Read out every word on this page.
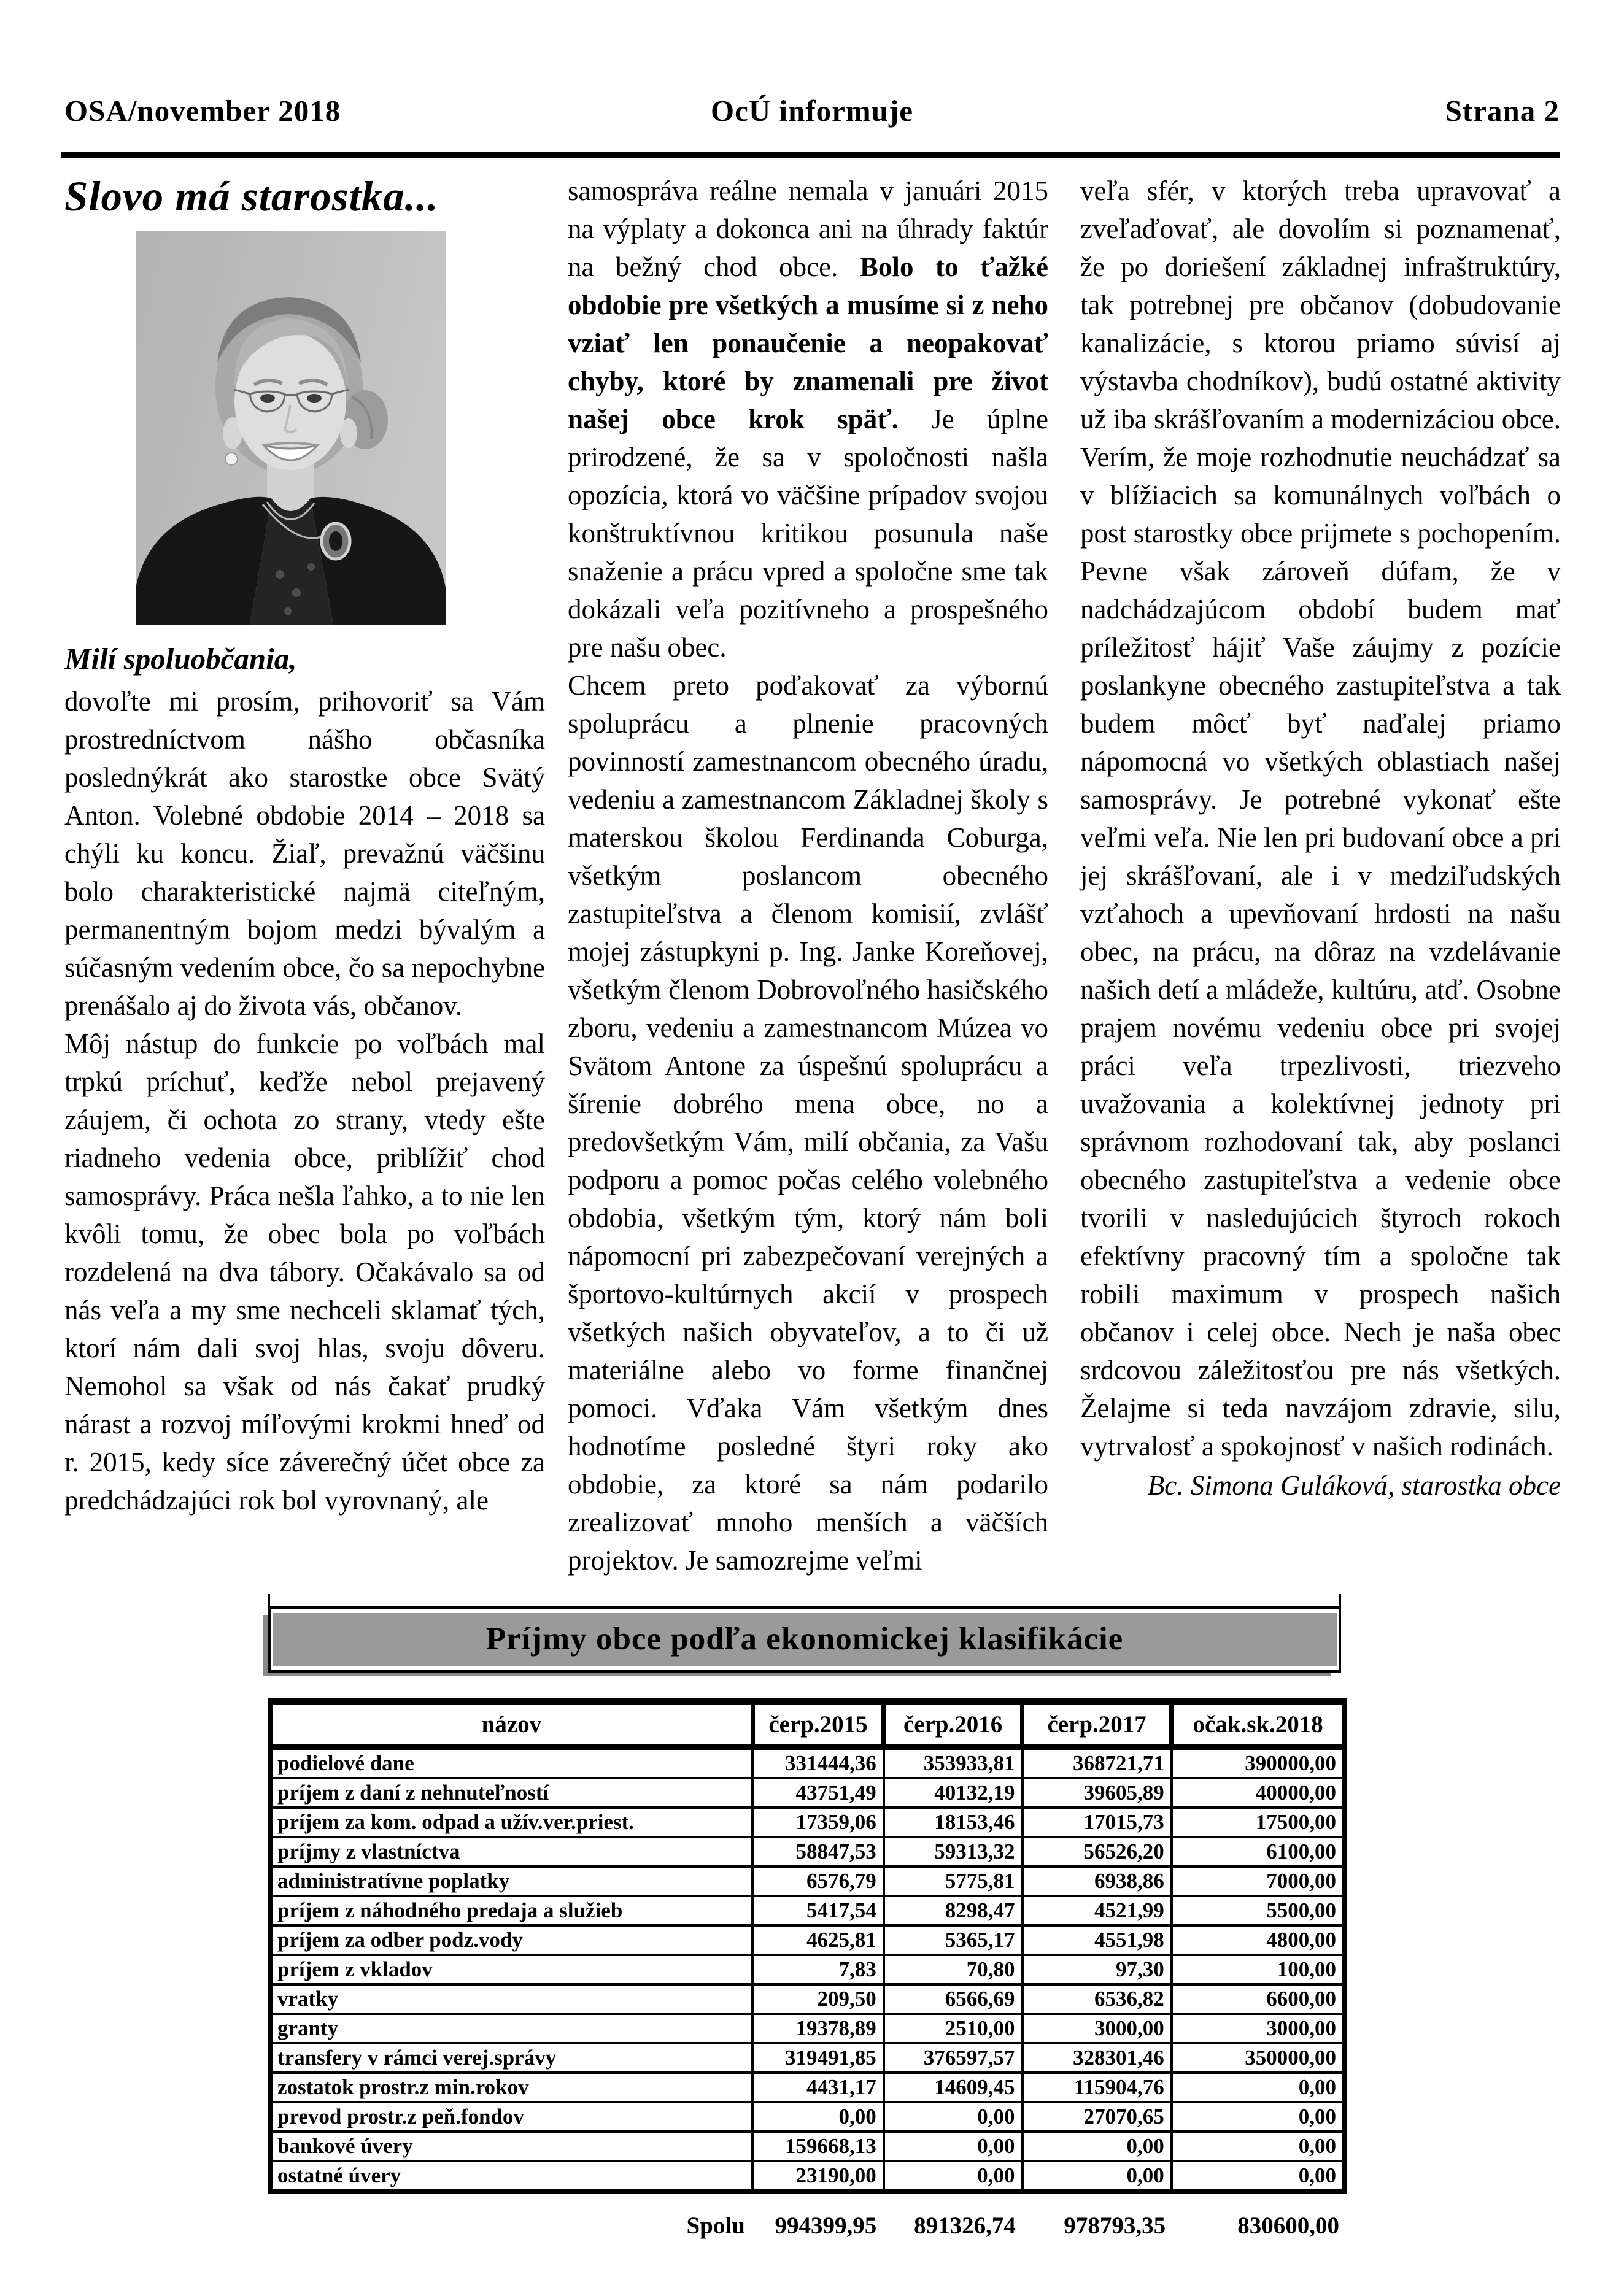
OSA/november 2018	OcÚ informuje	Strana 2
Slovo má starostka...
Milí spoluobčania,

dovoľte mi prosím, prihovoriť sa Vám prostredníctvom nášho občasníka poslednýkrát ako starostke obce Svätý Anton. Volebné obdobie 2014 – 2018 sa chýli ku koncu. Žiaľ, prevažnú väčšinu bolo charakteristické najmä citeľným, permanentným bojom medzi bývalým a súčasným vedením obce, čo sa nepochybne prenášalo aj do života vás, občanov.

Môj nástup do funkcie po voľbách mal trpkú príchuť, keďže nebol prejavený záujem, či ochota zo strany, vtedy ešte riadneho vedenia obce, priblížiť chod samosprávy. Práca nešla ľahko, a to nie len kvôli tomu, že obec bola po voľbách rozdelená na dva tábory. Očakávalo sa od nás veľa a my sme nechceli sklamať tých, ktorí nám dali svoj hlas, svoju dôveru. Nemohol sa však od nás čakať prudký nárast a rozvoj míľovými krokmi hneď od r. 2015, kedy síce záverečný účet obce za predchádzajúci rok bol vyrovnaný, ale

samospráva reálne nemala v januári 2015 na výplaty a dokonca ani na úhrady faktúr na bežný chod obce. Bolo to ťažké obdobie pre všetkých a musíme si z neho vziať len ponaučenie a neopakovať chyby, ktoré by znamenali pre život našej obce krok späť. Je úplne prirodzené, že sa v spoločnosti našla opozícia, ktorá vo väčšine prípadov svojou konštruktívnou kritikou posunula naše snaženie a prácu vpred a spoločne sme tak dokázali veľa pozitívneho a prospešného pre našu obec.

Chcem preto poďakovať za výbornú spoluprácu a plnenie pracovných povinností zamestnancom obecného úradu, vedeniu a zamestnancom Základnej školy s materskou školou Ferdinanda Coburga, všetkým poslancom obecného zastupiteľstva a členom komisií, zvlášť mojej zástupkyni p. Ing. Janke Koreňovej, všetkým členom Dobrovoľného hasičského zboru, vedeniu a zamestnancom Múzea vo Svätom Antone za úspešnú spoluprácu a šírenie dobrého mena obce, no a predovšetkým Vám, milí občania, za Vašu podporu a pomoc počas celého volebného obdobia, všetkým tým, ktorý nám boli nápomocní pri zabezpečovaní verejných a športovo-kultúrnych akcií v prospech všetkých našich obyvateľov, a to či už materiálne alebo vo forme finančnej pomoci. Vďaka Vám všetkým dnes hodnotíme posledné štyri roky ako obdobie, za ktoré sa nám podarilo zrealizovať mnoho menších a väčších projektov. Je samozrejme veľmi

veľa sfér, v ktorých treba upravovať a zveľaďovať, ale dovolím si poznamenať, že po doriešení základnej infraštruktúry, tak potrebnej pre občanov (dobudovanie kanalizácie, s ktorou priamo súvisí aj výstavba chodníkov), budú ostatné aktivity už iba skrášľovaním a modernizáciou obce. Verím, že moje rozhodnutie neuchádzať sa v blížiacich sa komunálnych voľbách o post starostky obce prijmete s pochopením. Pevne však zároveň dúfam, že v nadchádzajúcom období budem mať príležitosť hájiť Vaše záujmy z pozície poslankyne obecného zastupiteľstva a tak budem môcť byť naďalej priamo nápomocná vo všetkých oblastiach našej samosprávy. Je potrebné vykonať ešte veľmi veľa. Nie len pri budovaní obce a pri jej skrášľovaní, ale i v medziľudských vzťahoch a upevňovaní hrdosti na našu obec, na prácu, na dôraz na vzdelávanie našich detí a mládeže, kultúru, atď. Osobne prajem novému vedeniu obce pri svojej práci veľa trpezlivosti, triezveho uvažovania a kolektívnej jednoty pri správnom rozhodovaní tak, aby poslanci obecného zastupiteľstva a vedenie obce tvorili v nasledujúcich štyroch rokoch efektívny pracovný tím a spoločne tak robili maximum v prospech našich občanov i celej obce. Nech je naša obec srdcovou záležitosťou pre nás všetkých. Želajme si teda navzájom zdravie, silu, vytrvalosť a spokojnosť v našich rodinách.

Bc. Simona Guláková, starostka obce
Príjmy obce podľa ekonomickej klasifikácie
názov	čerp.2015	čerp.2016	čerp.2017	očak.sk.2018
podielové dane	331444,36	353933,81	368721,71	390000,00
príjem z daní z nehnuteľností	43751,49	40132,19	39605,89	40000,00
príjem za kom. odpad a užív.ver.priest.	17359,06	18153,46	17015,73	17500,00
príjmy z vlastníctva	58847,53	59313,32	56526,20	6100,00
administratívne poplatky	6576,79	5775,81	6938,86	7000,00
príjem z náhodného predaja a služieb	5417,54	8298,47	4521,99	5500,00
príjem za odber podz.vody	4625,81	5365,17	4551,98	4800,00
príjem z vkladov	7,83	70,80	97,30	100,00
vratky	209,50	6566,69	6536,82	6600,00
granty	19378,89	2510,00	3000,00	3000,00
transfery v rámci verej.správy	319491,85	376597,57	328301,46	350000,00
zostatok prostr.z min.rokov	4431,17	14609,45	115904,76	0,00
prevod prostr.z peň.fondov	0,00	0,00	27070,65	0,00
bankové úvery	159668,13	0,00	0,00	0,00
ostatné úvery	23190,00	0,00	0,00	0,00
Spolu	994399,95	891326,74	978793,35	830600,00
